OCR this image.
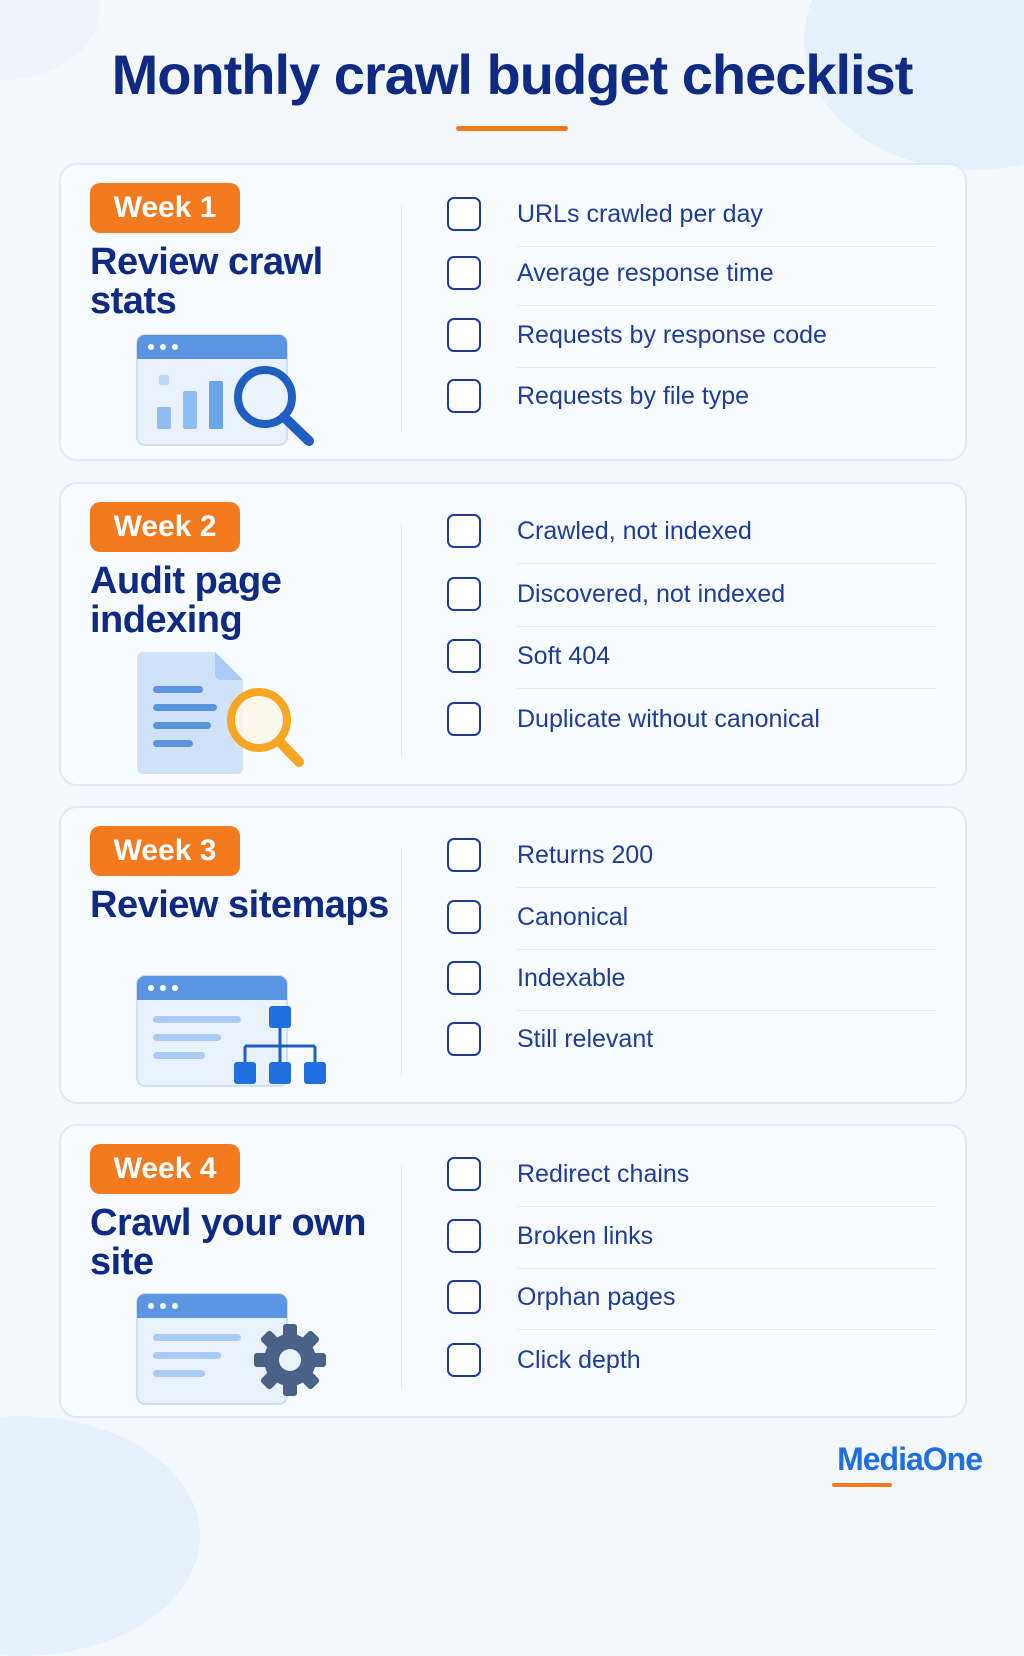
Monthly crawl budget checklist
Week 1
Review crawl stats
URLs crawled per day
Average response time
Requests by response code
Requests by file type
Week 2
Audit page indexing
Crawled, not indexed
Discovered, not indexed
Soft 404
Duplicate without canonical
Week 3
Review sitemaps
Returns 200
Canonical
Indexable
Still relevant
Week 4
Crawl your own site
Redirect chains
Broken links
Orphan pages
Click depth
MediaOne
